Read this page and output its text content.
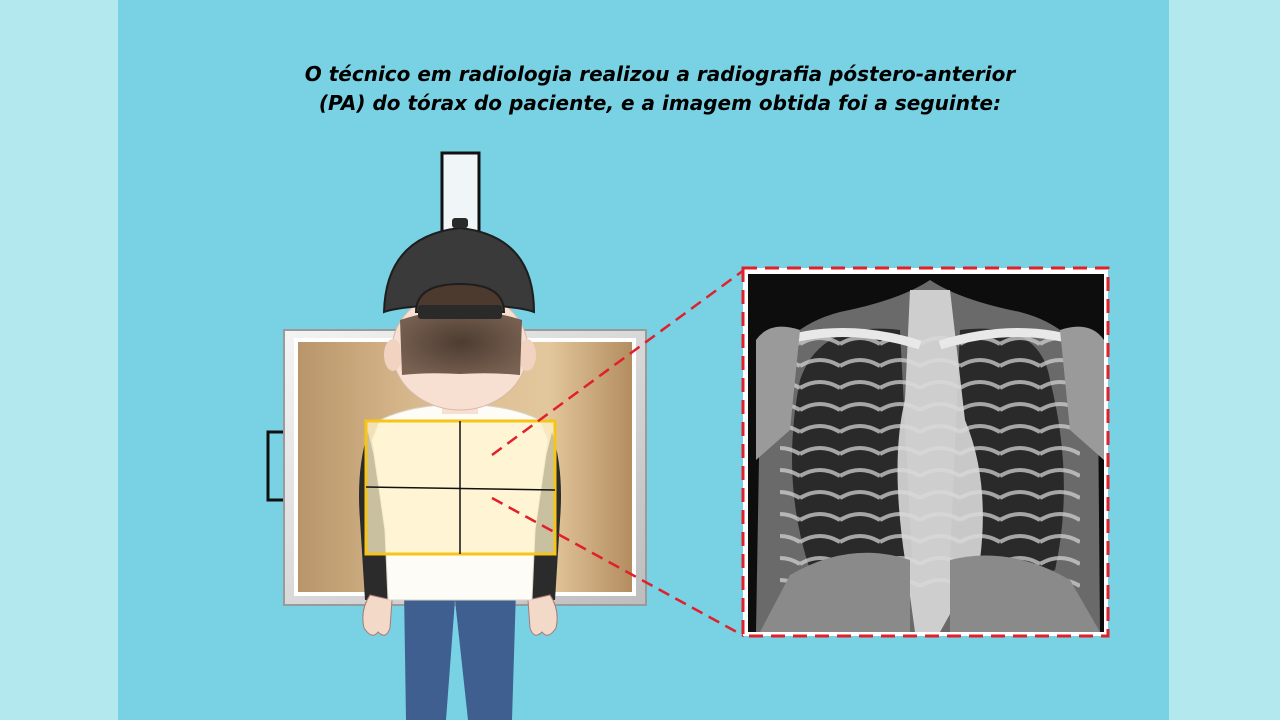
O técnico em radiologia realizou a radiografia póstero-anterior
(PA) do tórax do paciente, e a imagem obtida foi a seguinte:
